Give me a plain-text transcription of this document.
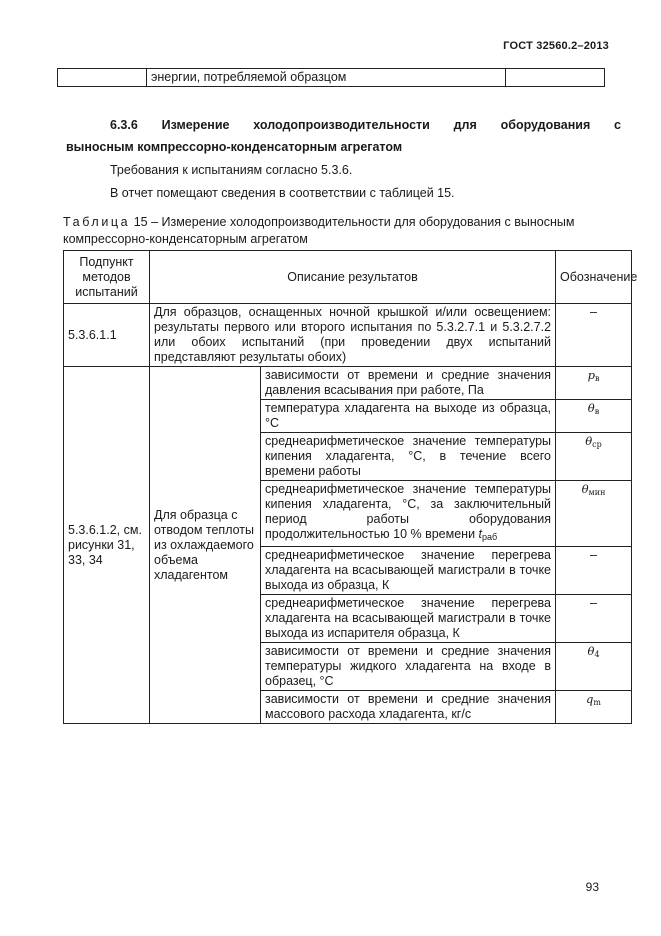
ГОСТ 32560.2–2013
	энергии, потребляемой образцом	
6.3.6 Измерение холодопроизводительности для оборудования с
выносным компрессорно-конденсаторным агрегатом
Требования к испытаниям согласно 5.3.6.
В отчет помещают сведения в соответствии с таблицей 15.
Таблица 15 – Измерение холодопроизводительности для оборудования с выносным компрессорно-конденсаторным агрегатом
Подпункт методов испытаний	Описание результатов		Обозначение
5.3.6.1.1	Для образцов, оснащенных ночной крышкой и/или освещением: результаты первого или второго испытания по 5.3.2.7.1 и 5.3.2.7.2 или обоих испытаний (при проведении двух испытаний представляют результаты обоих)		–
5.3.6.1.2, см. рисунки 31, 33, 34	Для образца с отводом теплоты из охлаждаемого объема хладагентом	зависимости от времени и средние значения давления всасывания при работе, Па	pв
		температура хладагента на выходе из образца, °С	θв
		среднеарифметическое значение температуры кипения хладагента, °С, в течение всего времени работы	θср
		среднеарифметическое значение температуры кипения хладагента, °С, за заключительный период работы оборудования продолжительностью 10 % времени tраб	θмин
		среднеарифметическое значение перегрева хладагента на всасывающей магистрали в точке выхода из образца, К	–
		среднеарифметическое значение перегрева хладагента на всасывающей магистрали в точке выхода из испарителя образца, К	–
		зависимости от времени и средние значения температуры жидкого хладагента на входе в образец, °С	θ4
		зависимости от времени и средние значения массового расхода хладагента, кг/с	qm
93
